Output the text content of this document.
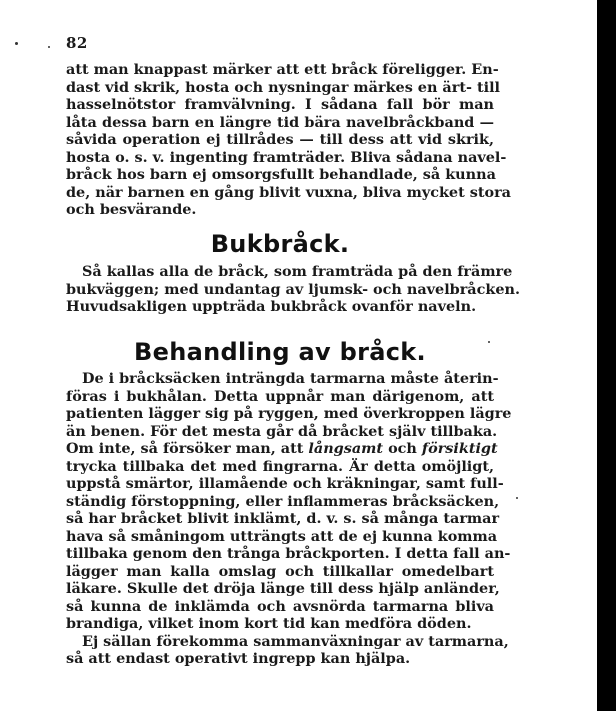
82
att man knappast märker att ett bråck föreligger. En-
dast vid skrik, hosta och nysningar märkes en ärt- till
hasselnötstor framvälvning. I sådana fall bör man
låta dessa barn en längre tid bära navelbråckband —
såvida operation ej tillrådes — till dess att vid skrik,
hosta o. s. v. ingenting framträder. Bliva sådana navel-
bråck hos barn ej omsorgsfullt behandlade, så kunna
de, när barnen en gång blivit vuxna, bliva mycket stora
och besvärande.
Bukbråck.
Så kallas alla de bråck, som framträda på den främre
bukväggen; med undantag av ljumsk- och navelbråcken.
Huvudsakligen uppträda bukbråck ovanför naveln.
Behandling av bråck.
De i bråcksäcken inträngda tarmarna måste återin-
föras i bukhålan. Detta uppnår man därigenom, att
patienten lägger sig på ryggen, med överkroppen lägre
än benen. För det mesta går då bråcket själv tillbaka.
Om inte, så försöker man, att långsamt och försiktigt
trycka tillbaka det med fingrarna. Är detta omöjligt,
uppstå smärtor, illamående och kräkningar, samt full-
ständig förstoppning, eller inflammeras bråcksäcken,
så har bråcket blivit inklämt, d. v. s. så många tarmar
hava så småningom utträngts att de ej kunna komma
tillbaka genom den trånga bråckporten. I detta fall an-
lägger man kalla omslag och tillkallar omedelbart
läkare. Skulle det dröja länge till dess hjälp anländer,
så kunna de inklämda och avsnörda tarmarna bliva
brandiga, vilket inom kort tid kan medföra döden.
Ej sällan förekomma sammanväxningar av tarmarna,
så att endast operativt ingrepp kan hjälpa.
